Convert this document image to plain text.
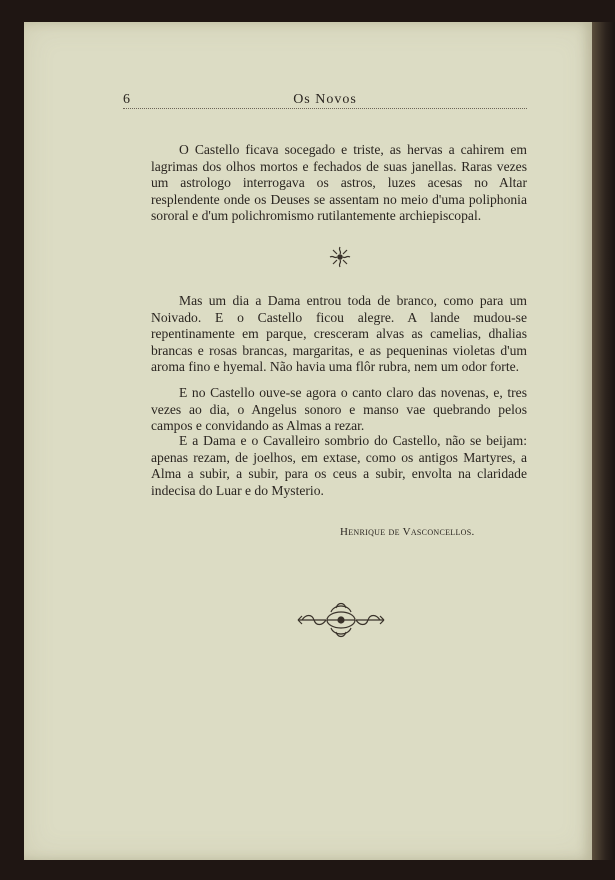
6	Os Novos

O Castello ficava socegado e triste, as hervas a cahirem em lagrimas dos olhos mortos e fechados de suas janellas. Raras vezes um astrologo interrogava os astros, luzes acesas no Altar resplendente onde os Deuses se assentam no meio d'uma poliphonia sororal e d'um polichromismo rutilantemente archiepiscopal.

Mas um dia a Dama entrou toda de branco, como para um Noivado. E o Castello ficou alegre. A lande mudou-se repentinamente em parque, cresceram alvas as camelias, dhalias brancas e rosas brancas, margaritas, e as pequeninas violetas d'um aroma fino e hyemal. Não havia uma flôr rubra, nem um odor forte.

E no Castello ouve-se agora o canto claro das novenas, e, tres vezes ao dia, o Angelus sonoro e manso vae quebrando pelos campos e convidando as Almas a rezar.

E a Dama e o Cavalleiro sombrio do Castello, não se beijam: apenas rezam, de joelhos, em extase, como os antigos Martyres, a Alma a subir, a subir, para os ceus a subir, envolta na claridade indecisa do Luar e do Mysterio.

Henrique de Vasconcellos.
